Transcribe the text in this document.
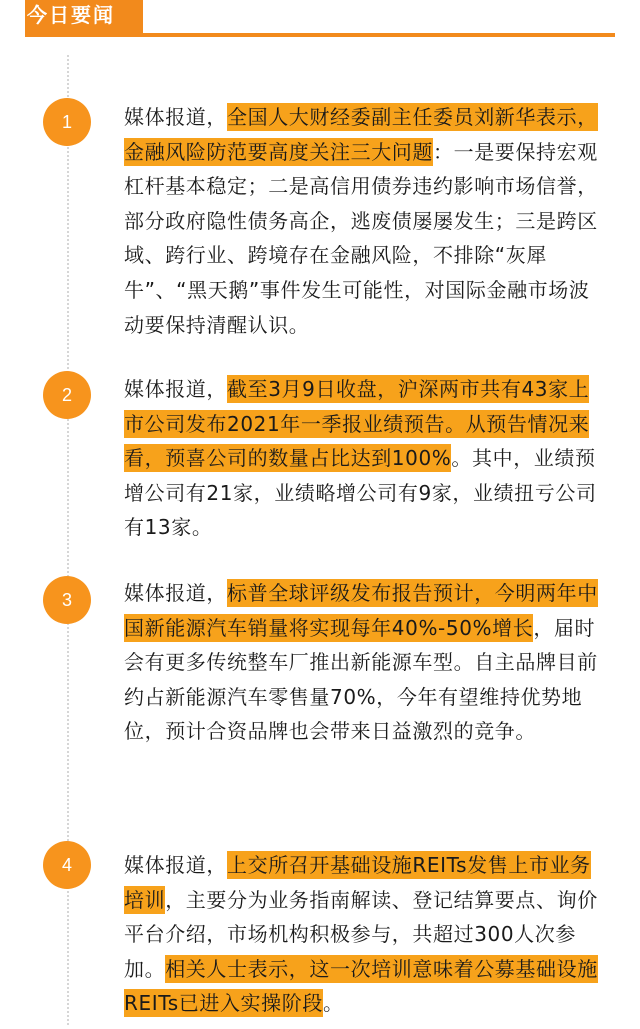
今日要闻
1	媒体报道，全国人大财经委副主任委员刘新华表示，金融风险防范要高度关注三大问题：一是要保持宏观杠杆基本稳定；二是高信用债券违约影响市场信誉，部分政府隐性债务高企，逃废债屡屡发生；三是跨区域、跨行业、跨境存在金融风险，不排除“灰犀牛”、“黑天鹅”事件发生可能性，对国际金融市场波动要保持清醒认识。
2	媒体报道，截至3月9日收盘，沪深两市共有43家上市公司发布2021年一季报业绩预告。从预告情况来看，预喜公司的数量占比达到100%。其中，业绩预增公司有21家，业绩略增公司有9家，业绩扭亏公司有13家。
3	媒体报道，标普全球评级发布报告预计，今明两年中国新能源汽车销量将实现每年40%-50%增长，届时会有更多传统整车厂推出新能源车型。自主品牌目前约占新能源汽车零售量70%，今年有望维持优势地位，预计合资品牌也会带来日益激烈的竞争。
4	媒体报道，上交所召开基础设施REITs发售上市业务培训，主要分为业务指南解读、登记结算要点、询价平台介绍，市场机构积极参与，共超过300人次参加。相关人士表示，这一次培训意味着公募基础设施REITs已进入实操阶段。
